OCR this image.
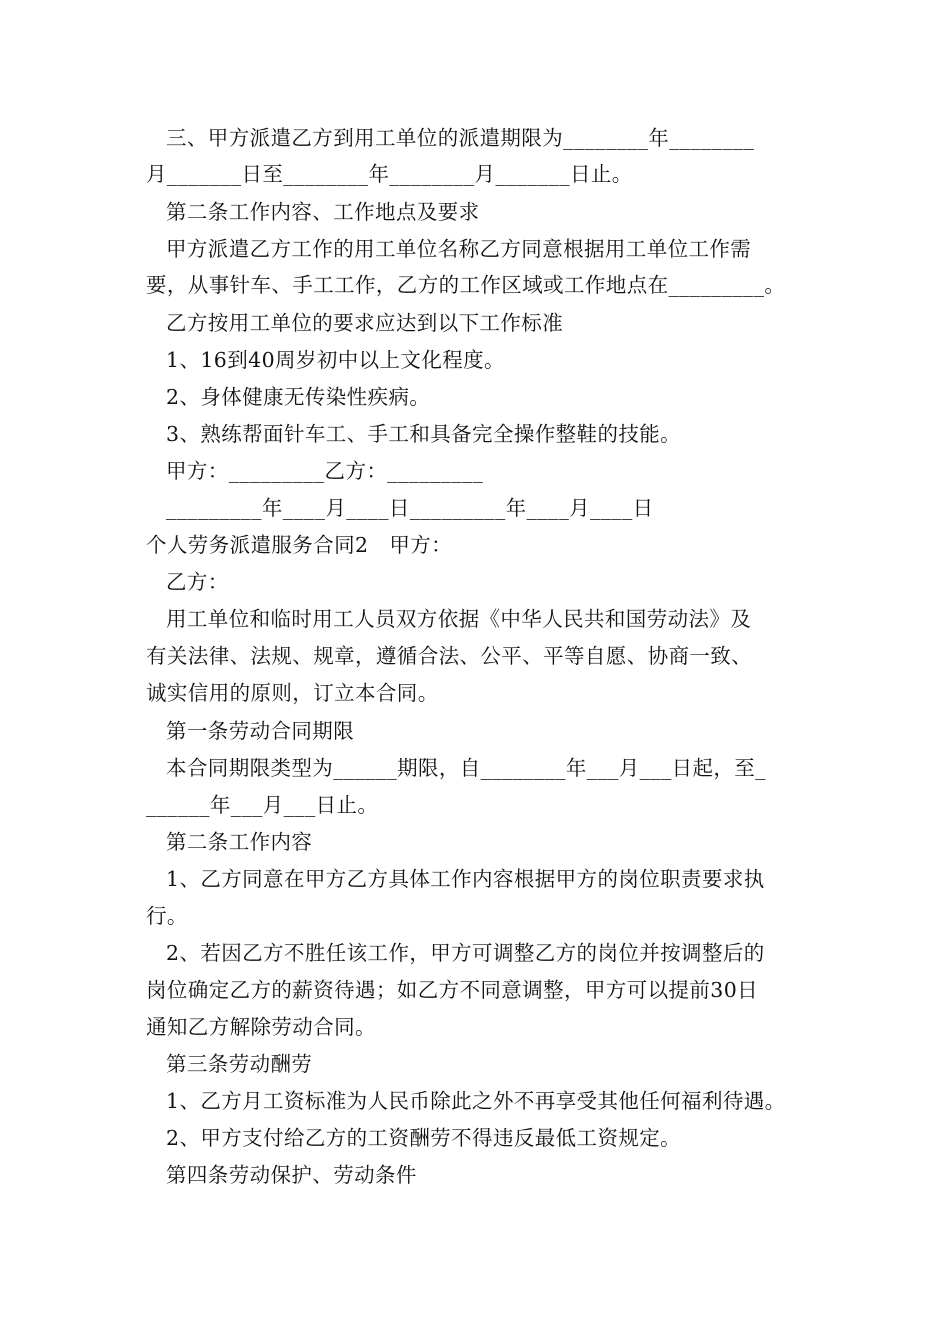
三、甲方派遣乙方到用工单位的派遣期限为________年________
月_______日至________年________月_______日止。
第二条工作内容、工作地点及要求
甲方派遣乙方工作的用工单位名称乙方同意根据用工单位工作需
要，从事针车、手工工作，乙方的工作区域或工作地点在_________。
乙方按用工单位的要求应达到以下工作标准
1、16到40周岁初中以上文化程度。
2、身体健康无传染性疾病。
3、熟练帮面针车工、手工和具备完全操作整鞋的技能。
甲方：_________乙方：_________
_________年____月____日_________年____月____日
个人劳务派遣服务合同2　甲方：
乙方：
用工单位和临时用工人员双方依据《中华人民共和国劳动法》及
有关法律、法规、规章，遵循合法、公平、平等自愿、协商一致、
诚实信用的原则，订立本合同。
第一条劳动合同期限
本合同期限类型为______期限，自________年___月___日起，至_
______年___月___日止。
第二条工作内容
1、乙方同意在甲方乙方具体工作内容根据甲方的岗位职责要求执
行。
2、若因乙方不胜任该工作，甲方可调整乙方的岗位并按调整后的
岗位确定乙方的薪资待遇；如乙方不同意调整，甲方可以提前30日
通知乙方解除劳动合同。
第三条劳动酬劳
1、乙方月工资标准为人民币除此之外不再享受其他任何福利待遇。
2、甲方支付给乙方的工资酬劳不得违反最低工资规定。
第四条劳动保护、劳动条件
